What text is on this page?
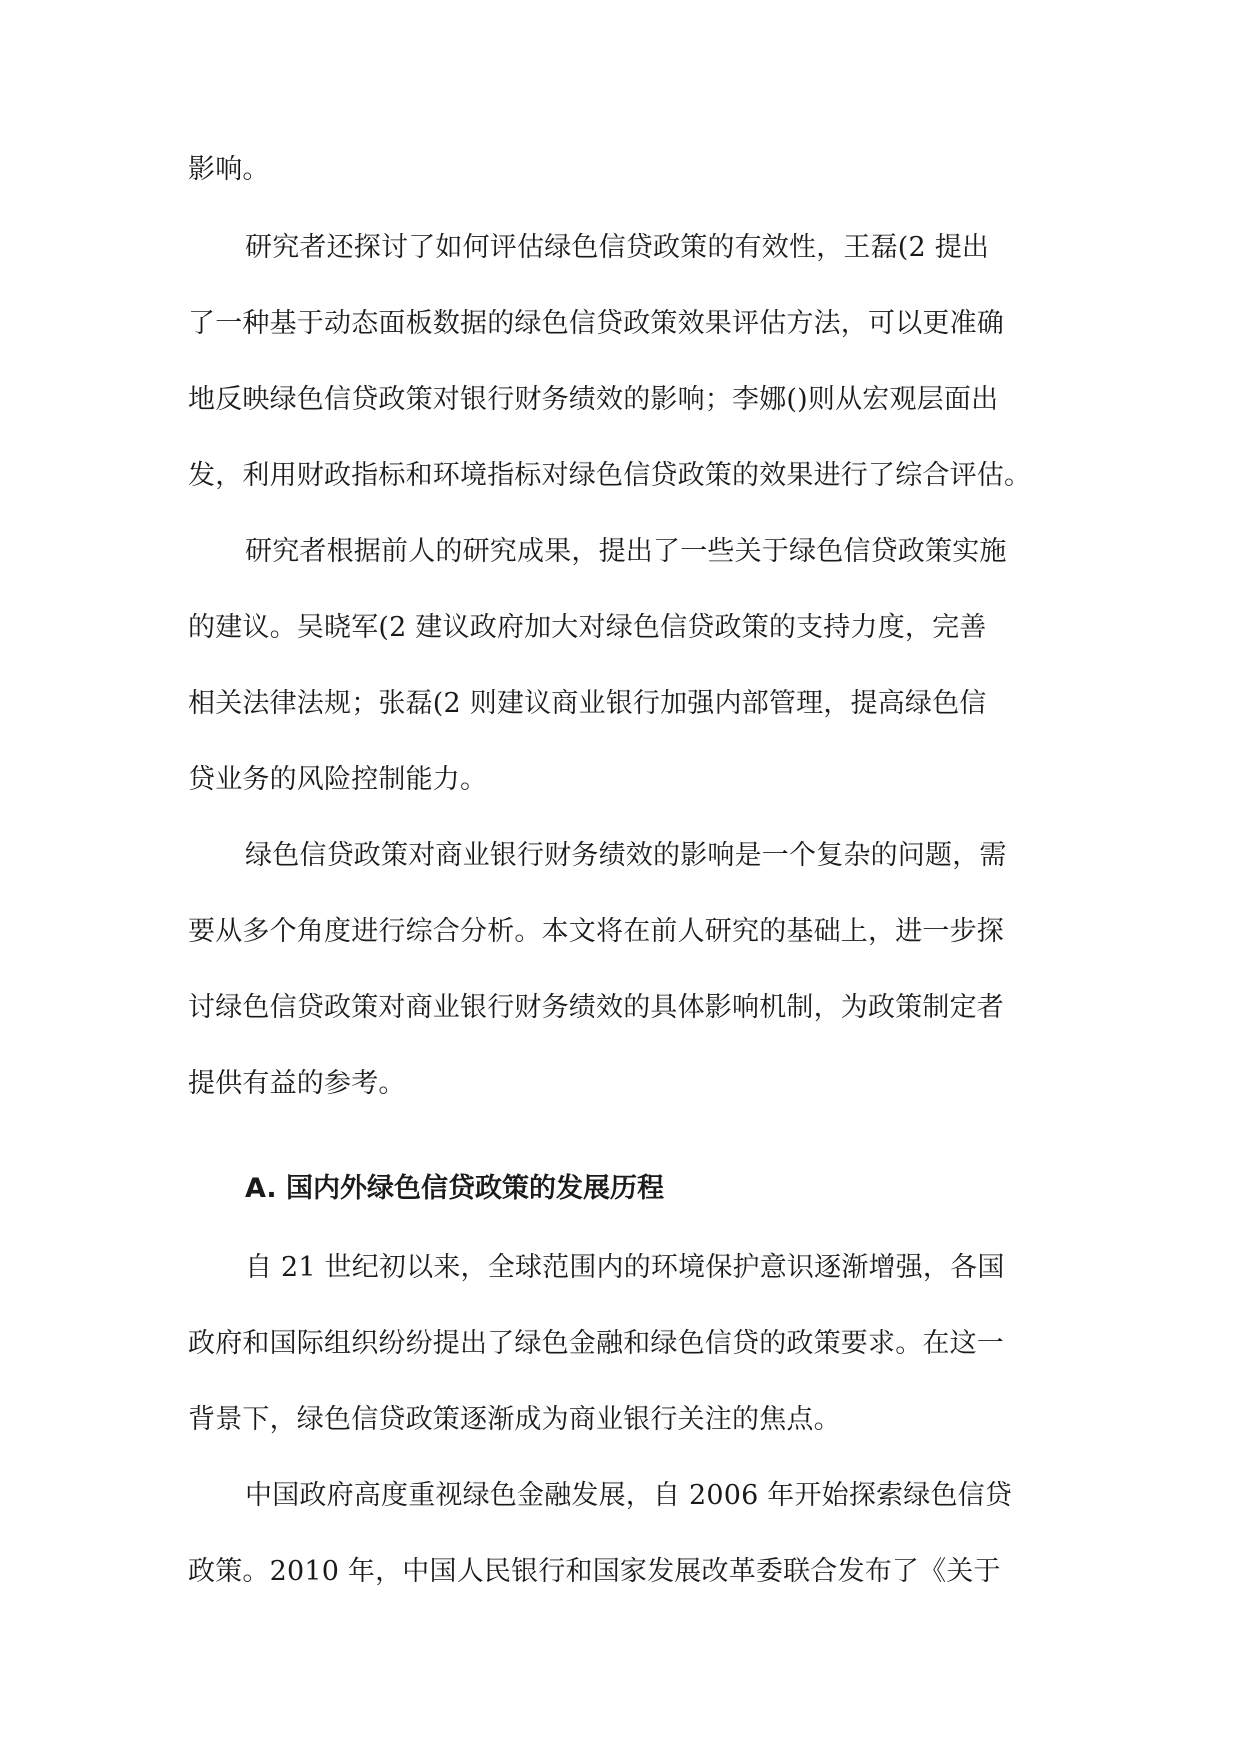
影响。
研究者还探讨了如何评估绿色信贷政策的有效性，王磊(2 提出
了一种基于动态面板数据的绿色信贷政策效果评估方法，可以更准确
地反映绿色信贷政策对银行财务绩效的影响；李娜()则从宏观层面出
发，利用财政指标和环境指标对绿色信贷政策的效果进行了综合评估。
研究者根据前人的研究成果，提出了一些关于绿色信贷政策实施
的建议。吴晓军(2 建议政府加大对绿色信贷政策的支持力度，完善
相关法律法规；张磊(2 则建议商业银行加强内部管理，提高绿色信
贷业务的风险控制能力。
绿色信贷政策对商业银行财务绩效的影响是一个复杂的问题，需
要从多个角度进行综合分析。本文将在前人研究的基础上，进一步探
讨绿色信贷政策对商业银行财务绩效的具体影响机制，为政策制定者
提供有益的参考。
A. 国内外绿色信贷政策的发展历程
自 21 世纪初以来，全球范围内的环境保护意识逐渐增强，各国
政府和国际组织纷纷提出了绿色金融和绿色信贷的政策要求。在这一
背景下，绿色信贷政策逐渐成为商业银行关注的焦点。
中国政府高度重视绿色金融发展，自 2006 年开始探索绿色信贷
政策。2010 年，中国人民银行和国家发展改革委联合发布了《关于
